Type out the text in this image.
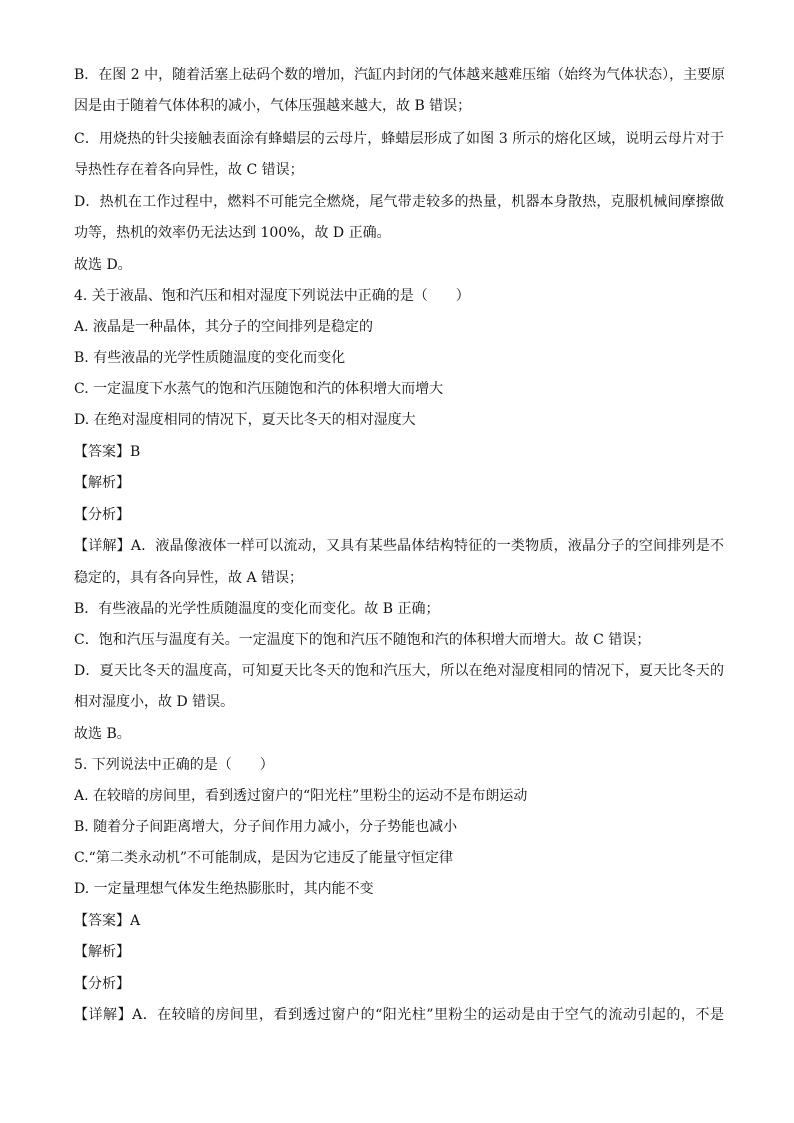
B．在图 2 中，随着活塞上砝码个数的增加，汽缸内封闭的气体越来越难压缩（始终为气体状态），主要原
因是由于随着气体体积的减小，气体压强越来越大，故 B 错误；
C．用烧热的针尖接触表面涂有蜂蜡层的云母片，蜂蜡层形成了如图 3 所示的熔化区域，说明云母片对于
导热性存在着各向异性，故 C 错误；
D．热机在工作过程中，燃料不可能完全燃烧，尾气带走较多的热量，机器本身散热，克服机械间摩擦做
功等，热机的效率仍无法达到 100%，故 D 正确。
故选 D。
4. 关于液晶、饱和汽压和相对湿度下列说法中正确的是（　　）
A. 液晶是一种晶体，其分子的空间排列是稳定的
B. 有些液晶的光学性质随温度的变化而变化
C. 一定温度下水蒸气的饱和汽压随饱和汽的体积增大而增大
D. 在绝对湿度相同的情况下，夏天比冬天的相对湿度大
【答案】B
【解析】
【分析】
【详解】A．液晶像液体一样可以流动，又具有某些晶体结构特征的一类物质，液晶分子的空间排列是不
稳定的，具有各向异性，故 A 错误；
B．有些液晶的光学性质随温度的变化而变化。故 B 正确；
C．饱和汽压与温度有关。一定温度下的饱和汽压不随饱和汽的体积增大而增大。故 C 错误；
D．夏天比冬天的温度高，可知夏天比冬天的饱和汽压大，所以在绝对湿度相同的情况下，夏天比冬天的
相对湿度小，故 D 错误。
故选 B。
5. 下列说法中正确的是（　　）
A. 在较暗的房间里，看到透过窗户的“阳光柱”里粉尘的运动不是布朗运动
B. 随着分子间距离增大，分子间作用力减小，分子势能也减小
C.“第二类永动机”不可能制成，是因为它违反了能量守恒定律
D. 一定量理想气体发生绝热膨胀时，其内能不变
【答案】A
【解析】
【分析】
【详解】A．在较暗的房间里，看到透过窗户的“阳光柱”里粉尘的运动是由于空气的流动引起的，不是
